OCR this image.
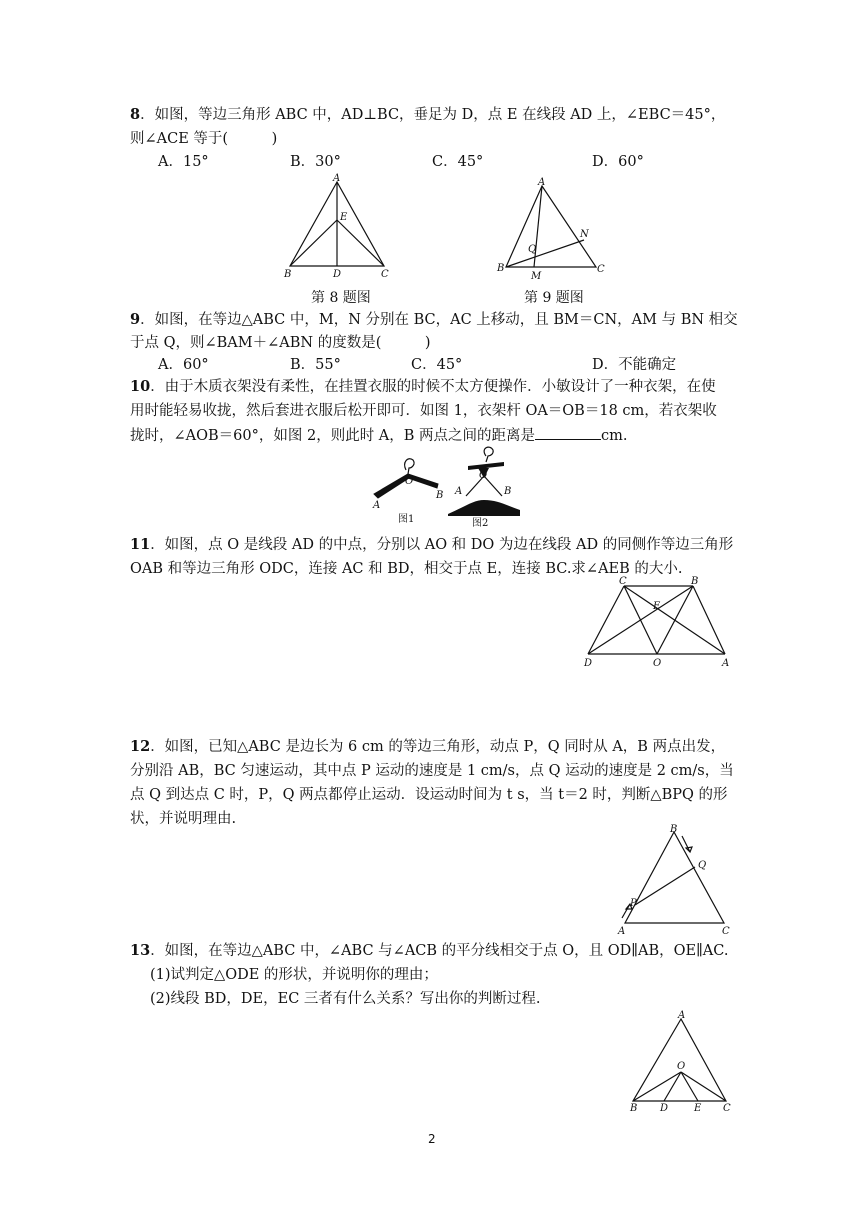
8．如图，等边三角形 ABC 中，AD⊥BC，垂足为 D，点 E 在线段 AD 上，∠EBC＝45°，
则∠ACE 等于(　　　)
A．15°	B．30°	C．45°	D．60°
A
E
B	D	C
第 8 题图
A
N
Q
B
M
C
第 9 题图
9．如图，在等边△ABC 中，M，N 分别在 BC，AC 上移动，且 BM＝CN，AM 与 BN 相交
于点 Q，则∠BAM＋∠ABN 的度数是(　　　)
A．60°	B．55°	C．45°	D．不能确定
10．由于木质衣架没有柔性，在挂置衣服的时候不太方便操作．小敏设计了一种衣架，在使
用时能轻易收拢，然后套进衣服后松开即可．如图 1，衣架杆 OA＝OB＝18 cm，若衣架收
拢时，∠AOB＝60°，如图 2，则此时 A，B 两点之间的距离是	cm.
O
A
B
图1
O
A	B
图2
11．如图，点 O 是线段 AD 的中点，分别以 AO 和 DO 为边在线段 AD 的同侧作等边三角形
OAB 和等边三角形 ODC，连接 AC 和 BD，相交于点 E，连接 BC.求∠AEB 的大小.
C	B
E
D	O	A
12．如图，已知△ABC 是边长为 6 cm 的等边三角形，动点 P，Q 同时从 A，B 两点出发，
分别沿 AB，BC 匀速运动，其中点 P 运动的速度是 1 cm/s，点 Q 运动的速度是 2 cm/s，当
点 Q 到达点 C 时，P，Q 两点都停止运动．设运动时间为 t s，当 t＝2 时，判断△BPQ 的形
状，并说明理由.
B
Q
P
A	C
13．如图，在等边△ABC 中，∠ABC 与∠ACB 的平分线相交于点 O，且 OD∥AB，OE∥AC.
(1)试判定△ODE 的形状，并说明你的理由；
(2)线段 BD，DE，EC 三者有什么关系？写出你的判断过程.
A
O
B D	E C
2
